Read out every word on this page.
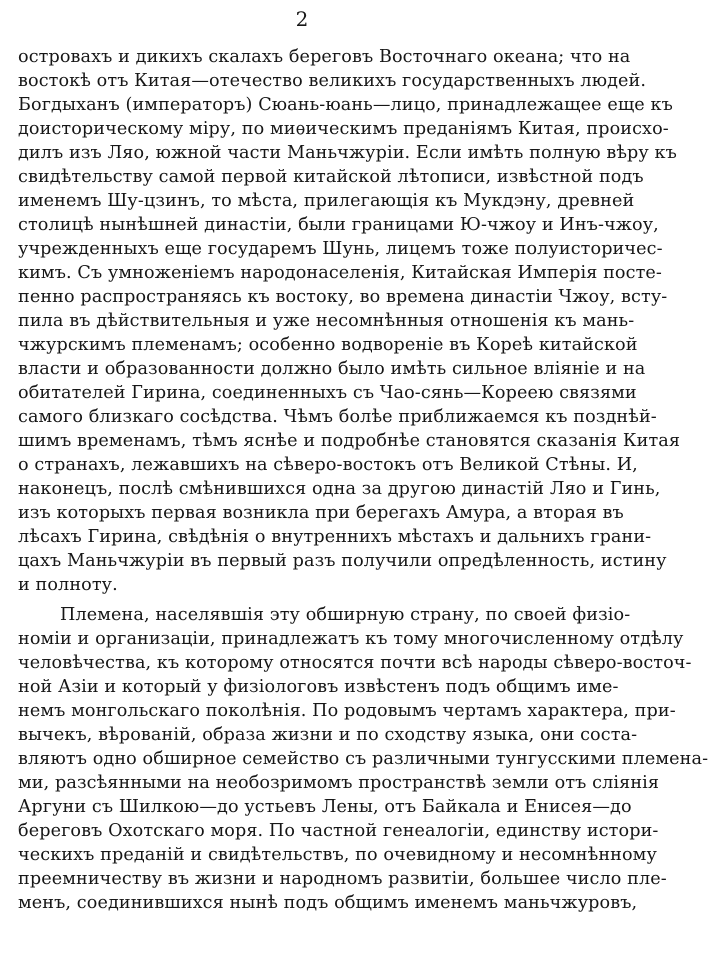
2
островахъ и дикихъ скалахъ береговъ Восточнаго океана; что на
востокѣ отъ Китая—отечество великихъ государственныхъ людей.
Богдыханъ (императоръ) Сюань-юань—лицо, принадлежащее еще къ
доисторическому міру, по миѳическимъ преданіямъ Китая, происхо-
дилъ изъ Ляо, южной части Маньчжуріи. Если имѣть полную вѣру къ
свидѣтельству самой первой китайской лѣтописи, извѣстной подъ
именемъ Шу-цзинъ, то мѣста, прилегающія къ Мукдэну, древней
столицѣ нынѣшней династіи, были границами Ю-чжоу и Инъ-чжоу,
учрежденныхъ еще государемъ Шунь, лицемъ тоже полуисторичес-
кимъ. Съ умноженіемъ народонаселенія, Китайская Имперія поcте-
пенно распространяясь къ востоку, во времена династіи Чжоу, всту-
пила въ дѣйствительныя и уже несомнѣнныя отношенія къ мань-
чжурскимъ племенамъ; особенно водвореніе въ Кореѣ китайской
власти и образованности должно было имѣть сильное вліяніе и на
обитателей Гирина, соединенныхъ съ Чао-сянь—Кореею связями
самого близкаго сосѣдства. Чѣмъ болѣе приближаемся къ позднѣй-
шимъ временамъ, тѣмъ яснѣе и подробнѣе становятся сказанія Китая
о странахъ, лежавшихъ на сѣверо-востокъ отъ Великой Стѣны. И,
наконецъ, послѣ смѣнившихся одна за другою династій Ляо и Гинь,
изъ которыхъ первая возникла при берегахъ Амура, а вторая въ
лѣсахъ Гирина, свѣдѣнія о внутреннихъ мѣстахъ и дальнихъ грани-
цахъ Маньчжуріи въ первый разъ получили опредѣленность, истину
и полноту.
Племена, населявшія эту обширную страну, по своей физіо-
номіи и организаціи, принадлежатъ къ тому многочисленному отдѣлу
человѣчества, къ которому относятся почти всѣ народы сѣверо-восточ-
ной Азіи и который у физіологовъ извѣстенъ подъ общимъ име-
немъ монгольскаго поколѣнія. По родовымъ чертамъ характера, при-
вычекъ, вѣрованій, образа жизни и по сходству языка, они соста-
вляютъ одно обширное семейство съ различными тунгусскими племена-
ми, разсѣянными на необозримомъ пространствѣ земли отъ сліянія
Аргуни съ Шилкою—до устьевъ Лены, отъ Байкала и Енисея—до
береговъ Охотскаго моря. По частной генеалогіи, единству истори-
ческихъ преданій и свидѣтельствъ, по очевидному и несомнѣнному
преемничеству въ жизни и народномъ развитіи, большее число пле-
менъ, соединившихся нынѣ подъ общимъ именемъ маньчжуровъ,
